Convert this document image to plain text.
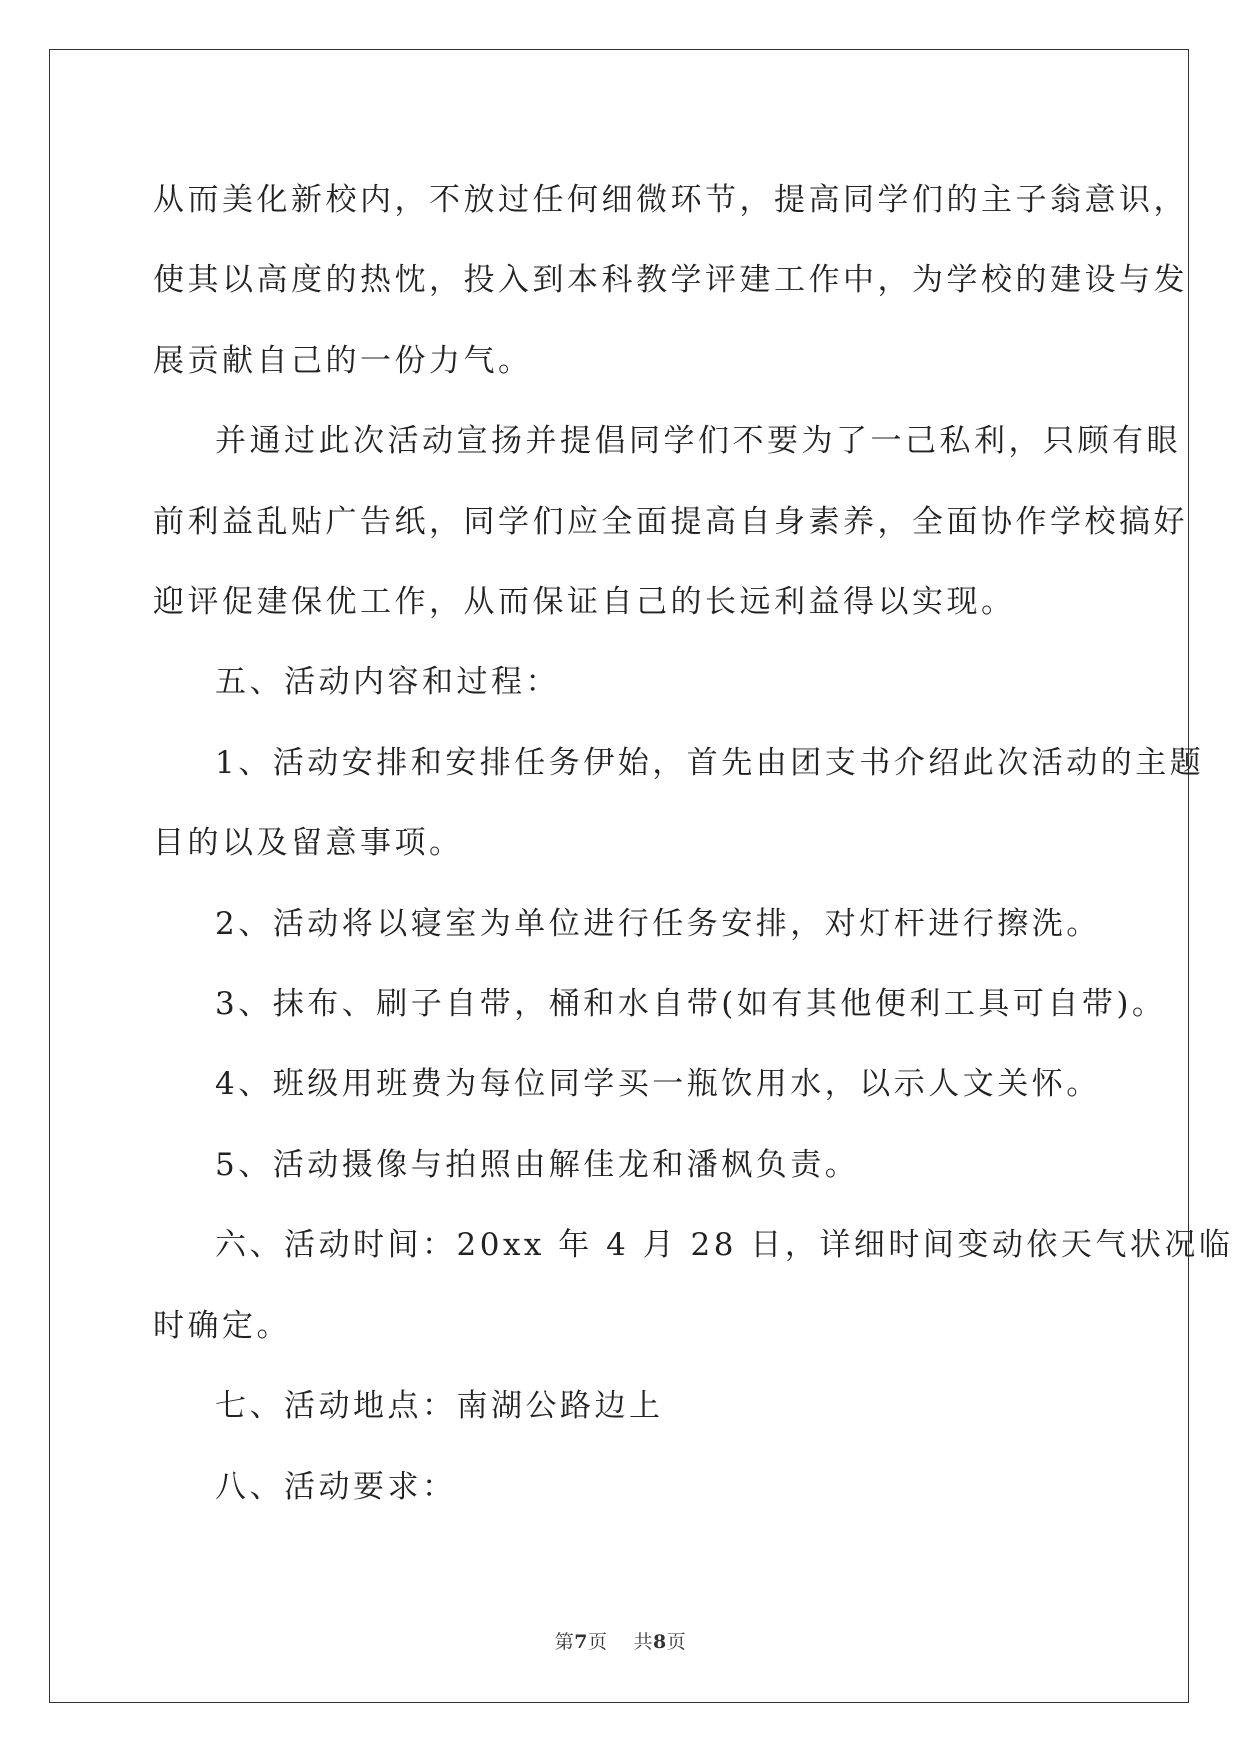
从而美化新校内，不放过任何细微环节，提高同学们的主子翁意识，
使其以高度的热忱，投入到本科教学评建工作中，为学校的建设与发
展贡献自己的一份力气。

并通过此次活动宣扬并提倡同学们不要为了一己私利，只顾有眼
前利益乱贴广告纸，同学们应全面提高自身素养，全面协作学校搞好
迎评促建保优工作，从而保证自己的长远利益得以实现。

五、活动内容和过程：

1、活动安排和安排任务伊始，首先由团支书介绍此次活动的主题
目的以及留意事项。

2、活动将以寝室为单位进行任务安排，对灯杆进行擦洗。

3、抹布、刷子自带，桶和水自带(如有其他便利工具可自带)。

4、班级用班费为每位同学买一瓶饮用水，以示人文关怀。

5、活动摄像与拍照由解佳龙和潘枫负责。

六、活动时间：20xx 年 4 月 28 日，详细时间变动依天气状况临
时确定。

七、活动地点：南湖公路边上

八、活动要求：

第7页 共8页
